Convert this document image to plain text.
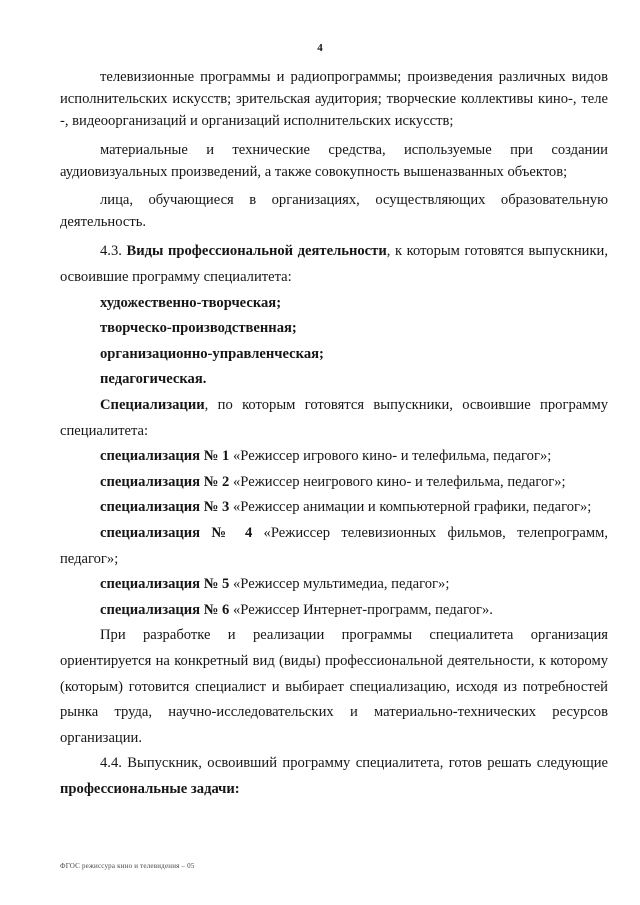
4

телевизионные программы и радиопрограммы; произведения различных видов исполнительских искусств; зрительская аудитория; творческие коллективы кино-, теле -, видеоорганизаций и организаций исполнительских искусств;

материальные и технические средства, используемые при создании аудиовизуальных произведений, а также совокупность вышеназванных объектов;

лица, обучающиеся в организациях, осуществляющих образовательную деятельность.

4.3. Виды профессиональной деятельности, к которым готовятся выпускники, освоившие программу специалитета:

художественно-творческая;
творческо-производственная;
организационно-управленческая;
педагогическая.

Специализации, по которым готовятся выпускники, освоившие программу специалитета:

специализация № 1 «Режиссер игрового кино- и телефильма, педагог»;
специализация № 2 «Режиссер неигрового кино- и телефильма, педагог»;
специализация № 3 «Режиссер анимации и компьютерной графики, педагог»;
специализация № 4 «Режиссер телевизионных фильмов, телепрограмм, педагог»;
специализация № 5 «Режиссер мультимедиа, педагог»;
специализация № 6 «Режиссер Интернет-программ, педагог».

При разработке и реализации программы специалитета организация ориентируется на конкретный вид (виды) профессиональной деятельности, к которому (которым) готовится специалист и выбирает специализацию, исходя из потребностей рынка труда, научно-исследовательских и материально-технических ресурсов организации.

4.4. Выпускник, освоивший программу специалитета, готов решать следующие профессиональные задачи:

ФГОС режиссура кино и телевидения – 05
